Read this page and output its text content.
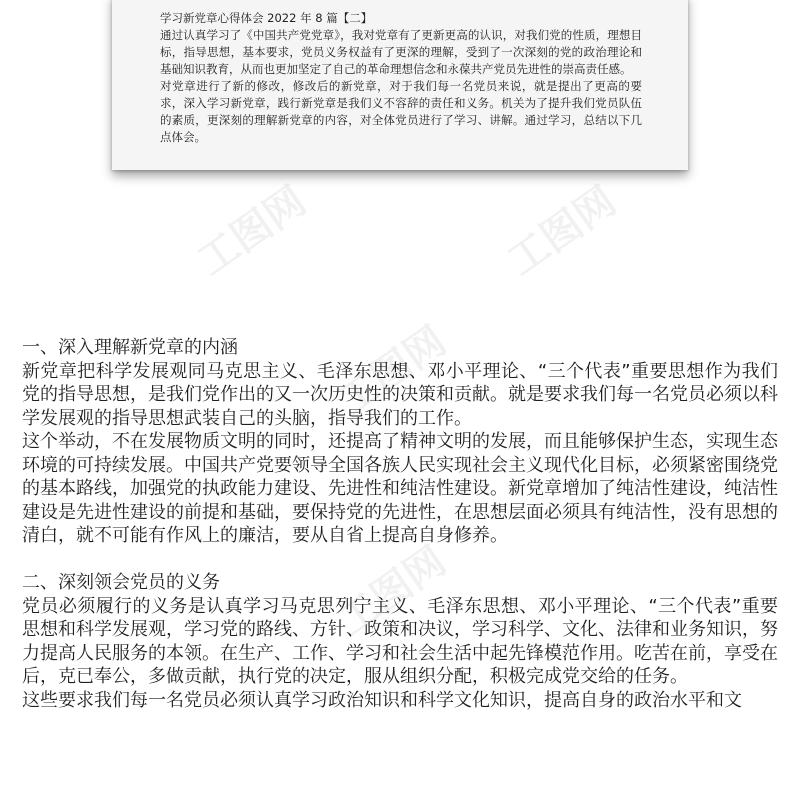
学习新党章心得体会 2022 年 8 篇【二】

通过认真学习了《中国共产党党章》，我对党章有了更新更高的认识，对我们党的性质，理想目标，指导思想，基本要求，党员义务权益有了更深的理解，受到了一次深刻的党的政治理论和基础知识教育，从而也更加坚定了自己的革命理想信念和永葆共产党员先进性的崇高责任感。

对党章进行了新的修改，修改后的新党章，对于我们每一名党员来说，就是提出了更高的要求，深入学习新党章，践行新党章是我们义不容辞的责任和义务。机关为了提升我们党员队伍的素质，更深刻的理解新党章的内容，对全体党员进行了学习、讲解。通过学习，总结以下几点体会。

工图网	工图网
工图网
工图网

一、深入理解新党章的内涵

新党章把科学发展观同马克思主义、毛泽东思想、邓小平理论、“三个代表”重要思想作为我们党的指导思想，是我们党作出的又一次历史性的决策和贡献。就是要求我们每一名党员必须以科学发展观的指导思想武装自己的头脑，指导我们的工作。

这个举动，不在发展物质文明的同时，还提高了精神文明的发展，而且能够保护生态，实现生态环境的可持续发展。中国共产党要领导全国各族人民实现社会主义现代化目标，必须紧密围绕党的基本路线，加强党的执政能力建设、先进性和纯洁性建设。新党章增加了纯洁性建设，纯洁性建设是先进性建设的前提和基础，要保持党的先进性，在思想层面必须具有纯洁性，没有思想的清白，就不可能有作风上的廉洁，要从自省上提高自身修养。

二、深刻领会党员的义务

党员必须履行的义务是认真学习马克思列宁主义、毛泽东思想、邓小平理论、“三个代表”重要思想和科学发展观，学习党的路线、方针、政策和决议，学习科学、文化、法律和业务知识，努力提高人民服务的本领。在生产、工作、学习和社会生活中起先锋模范作用。吃苦在前，享受在后，克已奉公，多做贡献，执行党的决定，服从组织分配，积极完成党交给的任务。

这些要求我们每一名党员必须认真学习政治知识和科学文化知识，提高自身的政治水平和文
